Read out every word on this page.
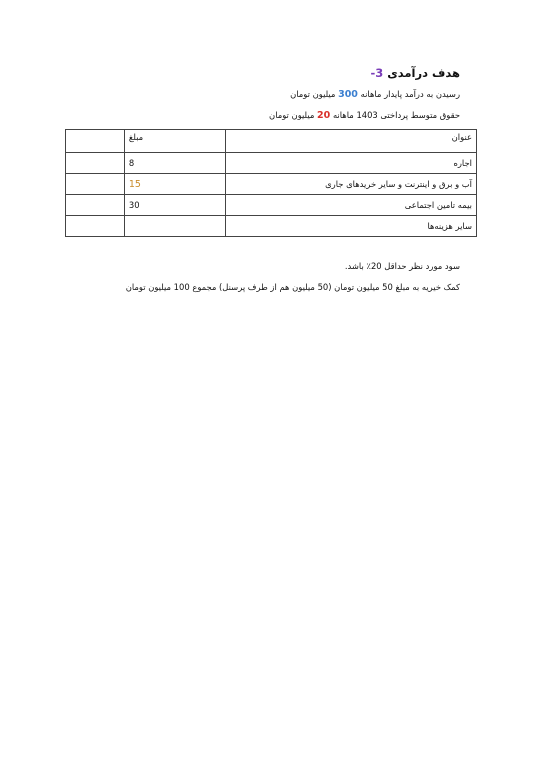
هدف درآمدی
3-
رسیدن به درآمد پایدار ماهانه 300 میلیون تومان
حقوق متوسط پرداختی 1403 ماهانه 20 میلیون تومان
عنوان	مبلغ	
اجاره	8	
آب و برق و اینترنت و سایر خریدهای جاری	15	
بیمه تامین اجتماعی	30	
سایر هزینه‌ها		
سود مورد نظر حداقل 20٪ باشد.
کمک خیریه به مبلغ 50 میلیون تومان (50 میلیون هم از طرف پرسنل) مجموع 100 میلیون تومان
